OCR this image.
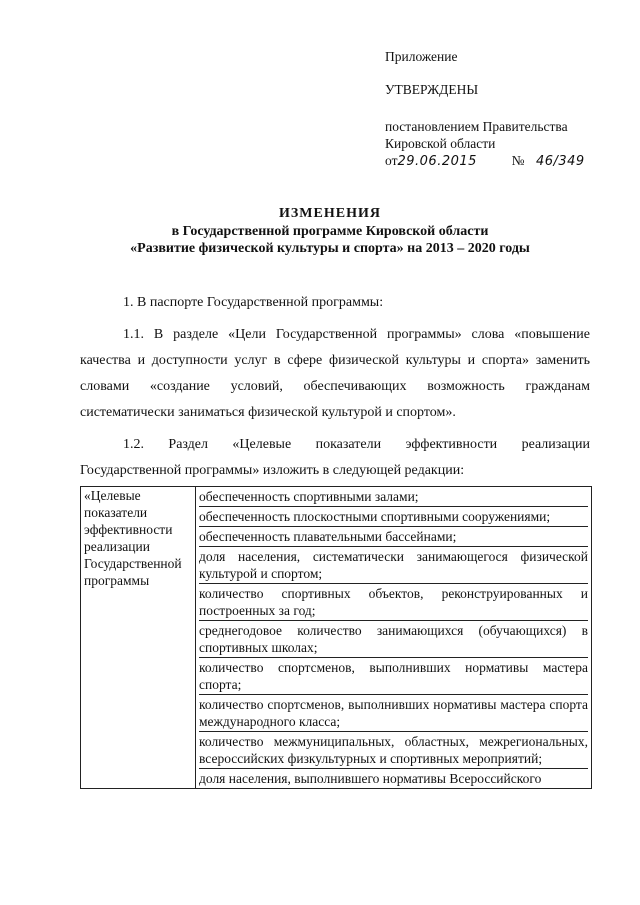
Приложение
УТВЕРЖДЕНЫ
постановлением Правительства
Кировской области
от29.06.2015	№ 46/349
ИЗМЕНЕНИЯ
в Государственной программе Кировской области
«Развитие физической культуры и спорта» на 2013 – 2020 годы

1. В паспорте Государственной программы:

1.1. В разделе «Цели Государственной программы» слова «повышение качества и доступности услуг в сфере физической культуры и спорта» заменить словами «создание условий, обеспечивающих возможность гражданам систематически заниматься физической культурой и спортом».

1.2. Раздел «Целевые показатели эффективности реализации Государственной программы» изложить в следующей редакции:

«Целевые показатели эффективности реализации Государственной программы	
обеспеченность спортивными залами;
обеспеченность плоскостными спортивными сооружениями;
обеспеченность плавательными бассейнами;
доля населения, систематически занимающегося физической культурой и спортом;
количество спортивных объектов, реконструированных и построенных за год;
среднегодовое количество занимающихся (обучающихся) в спортивных школах;
количество спортсменов, выполнивших нормативы мастера спорта;
количество спортсменов, выполнивших нормативы мастера спорта международного класса;
количество межмуниципальных, областных, межрегиональных, всероссийских физкультурных и спортивных мероприятий;
доля населения, выполнившего нормативы Всероссийского
